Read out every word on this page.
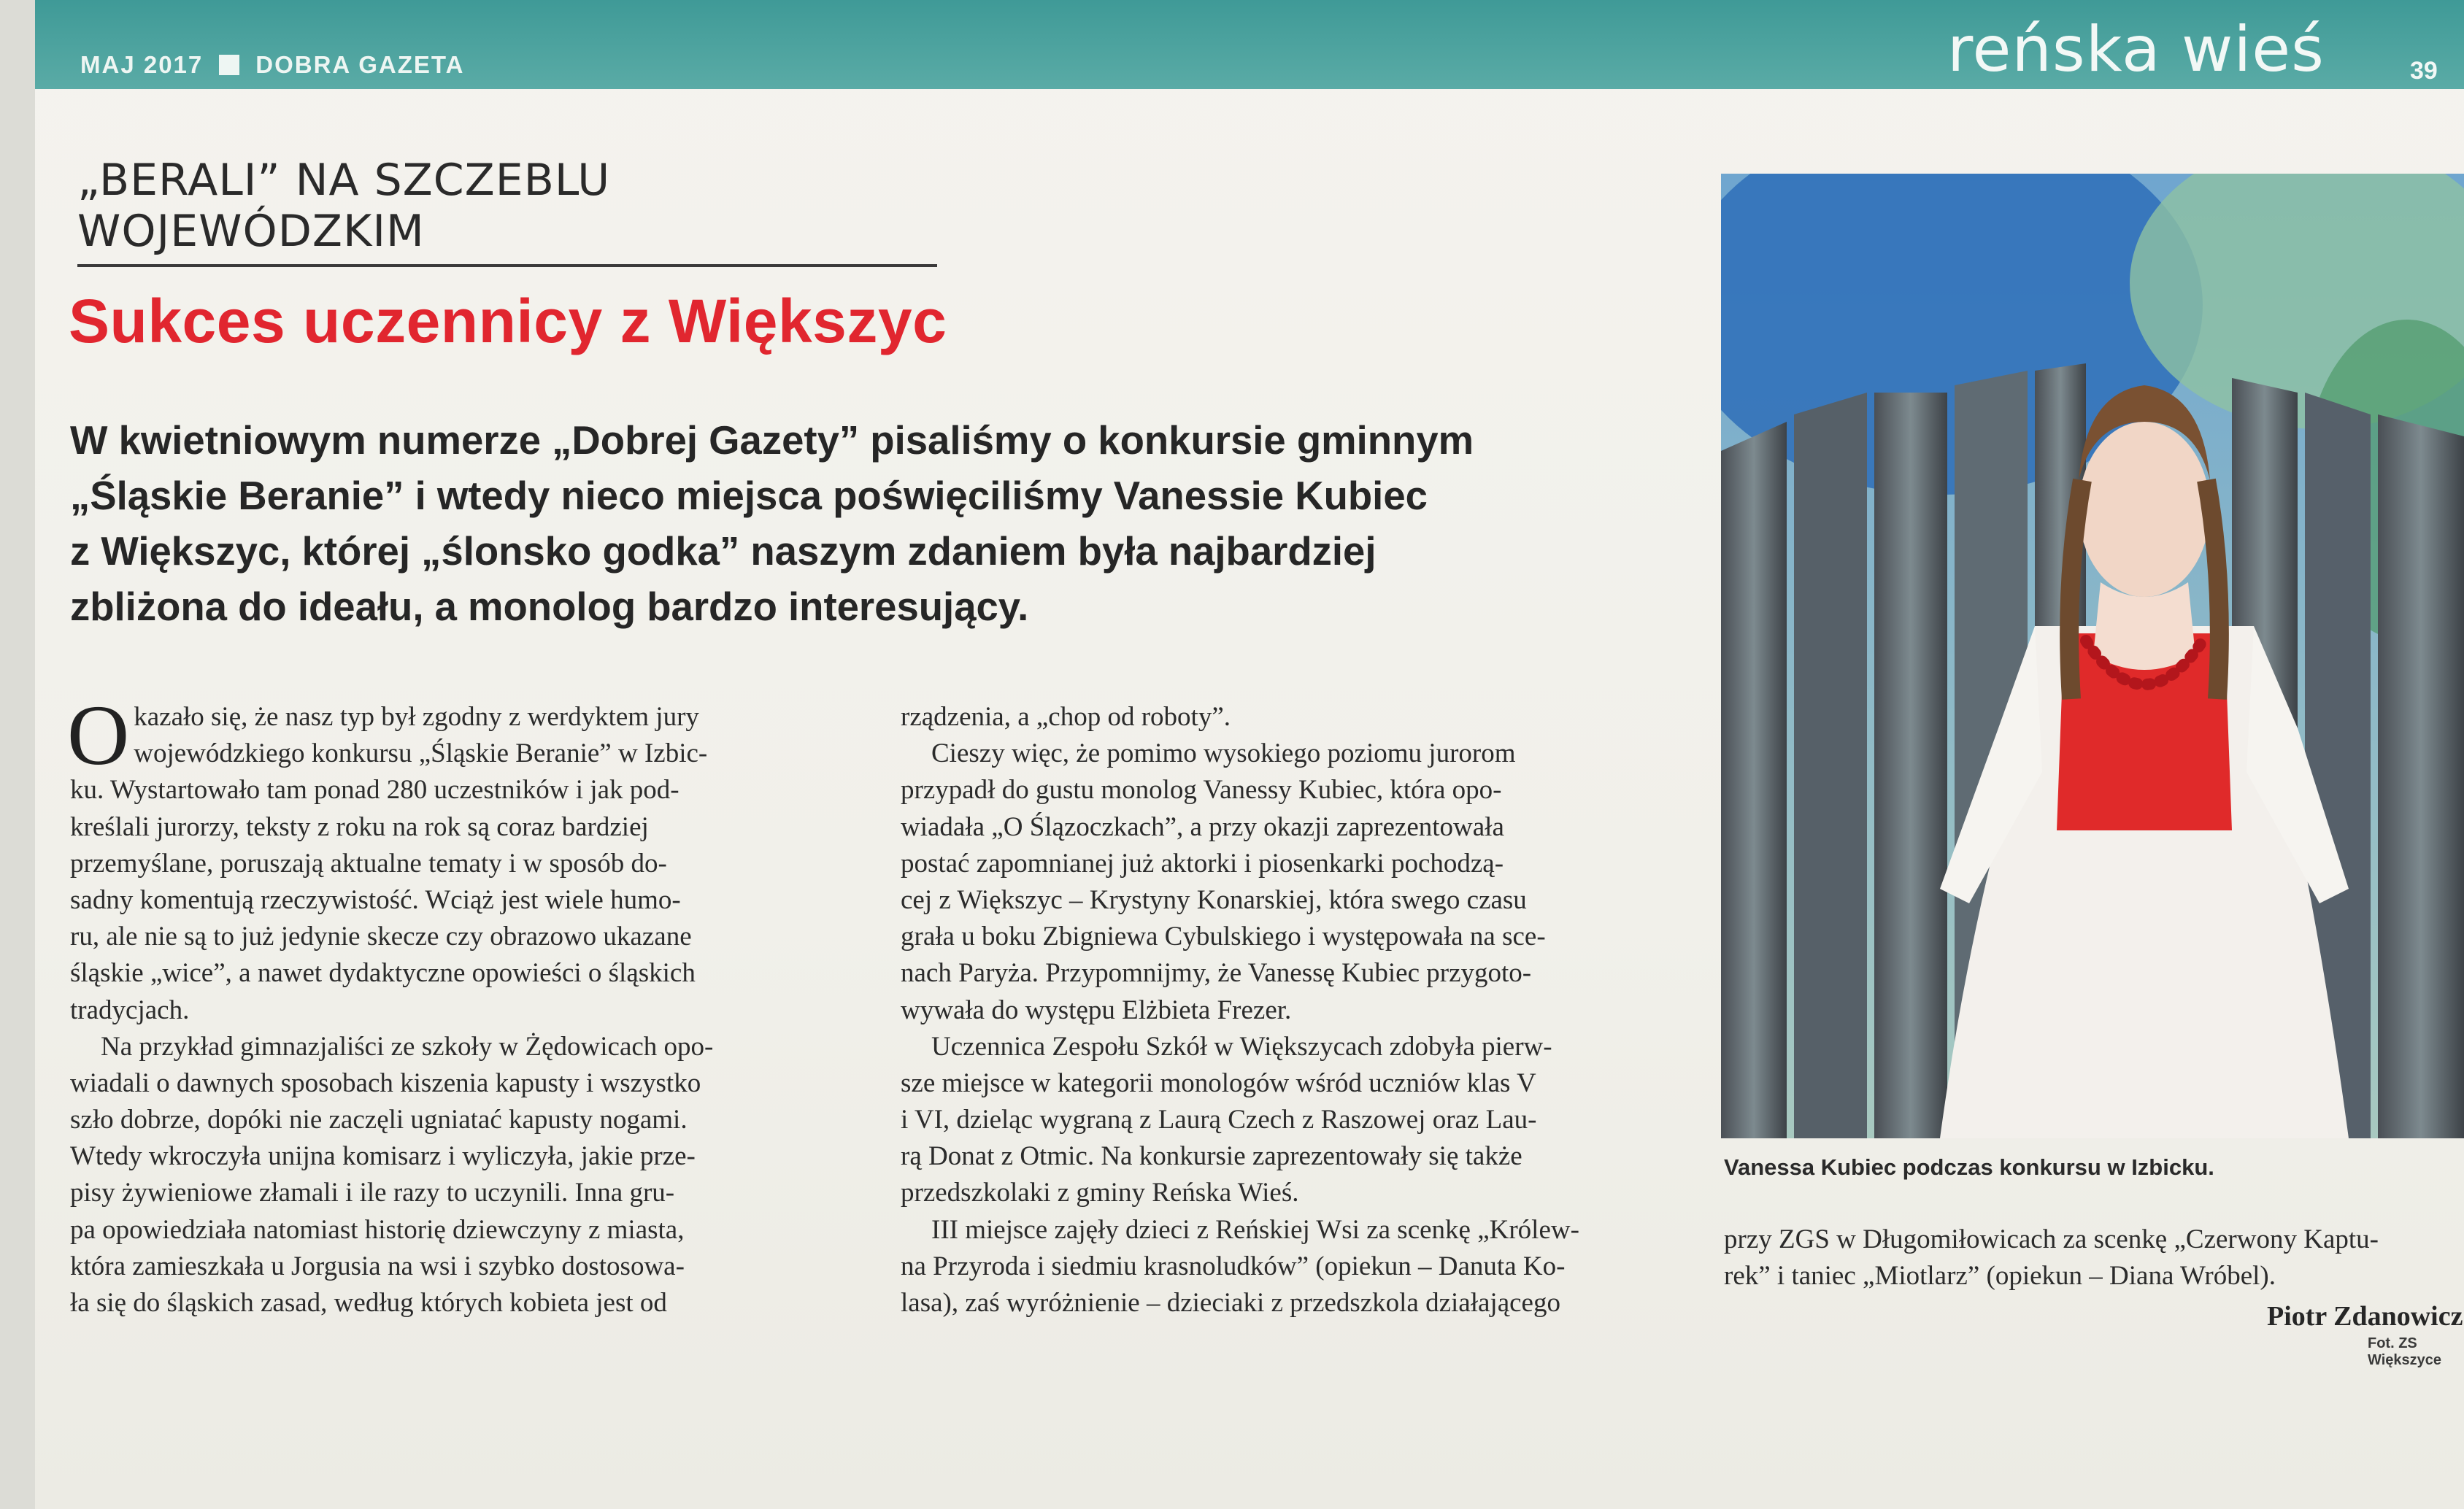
MAJ 2017 DOBRA GAZETA	reńska wieś	39
„BERALI” NA SZCZEBLU WOJEWÓDZKIM
Sukces uczennicy z Większyc
W kwietniowym numerze „Dobrej Gazety” pisaliśmy o konkursie gminnym
„Śląskie Beranie” i wtedy nieco miejsca poświęciliśmy Vanessie Kubiec
z Większyc, której „ślonsko godka” naszym zdaniem była najbardziej
zbliżona do ideału, a monolog bardzo interesujący.
O kazało się, że nasz typ był zgodny z werdyktem jury
wojewódzkiego konkursu „Śląskie Beranie” w Izbic-
ku. Wystartowało tam ponad 280 uczestników i jak pod-
kreślali jurorzy, teksty z roku na rok są coraz bardziej
przemyślane, poruszają aktualne tematy i w sposób do-
sadny komentują rzeczywistość. Wciąż jest wiele humo-
ru, ale nie są to już jedynie skecze czy obrazowo ukazane
śląskie „wice”, a nawet dydaktyczne opowieści o śląskich
tradycjach.
Na przykład gimnazjaliści ze szkoły w Żędowicach opo-
wiadali o dawnych sposobach kiszenia kapusty i wszystko
szło dobrze, dopóki nie zaczęli ugniatać kapusty nogami.
Wtedy wkroczyła unijna komisarz i wyliczyła, jakie prze-
pisy żywieniowe złamali i ile razy to uczynili. Inna gru-
pa opowiedziała natomiast historię dziewczyny z miasta,
która zamieszkała u Jorgusia na wsi i szybko dostosowa-
ła się do śląskich zasad, według których kobieta jest od
rządzenia, a „chop od roboty”.
Cieszy więc, że pomimo wysokiego poziomu jurorom
przypadł do gustu monolog Vanessy Kubiec, która opo-
wiadała „O Ślązoczkach”, a przy okazji zaprezentowała
postać zapomnianej już aktorki i piosenkarki pochodzą-
cej z Większyc – Krystyny Konarskiej, która swego czasu
grała u boku Zbigniewa Cybulskiego i występowała na sce-
nach Paryża. Przypomnijmy, że Vanessę Kubiec przygoto-
wywała do występu Elżbieta Frezer.
Uczennica Zespołu Szkół w Większycach zdobyła pierw-
sze miejsce w kategorii monologów wśród uczniów klas V
i VI, dzieląc wygraną z Laurą Czech z Raszowej oraz Lau-
rą Donat z Otmic. Na konkursie zaprezentowały się także
przedszkolaki z gminy Reńska Wieś.
III miejsce zajęły dzieci z Reńskiej Wsi za scenkę „Królew-
na Przyroda i siedmiu krasnoludków” (opiekun – Danuta Ko-
lasa), zaś wyróżnienie – dzieciaki z przedszkola działającego
Vanessa Kubiec podczas konkursu w Izbicku.
przy ZGS w Długomiłowicach za scenkę „Czerwony Kaptu-
rek” i taniec „Miotlarz” (opiekun – Diana Wróbel).
Piotr Zdanowicz
Fot. ZS Większyce
